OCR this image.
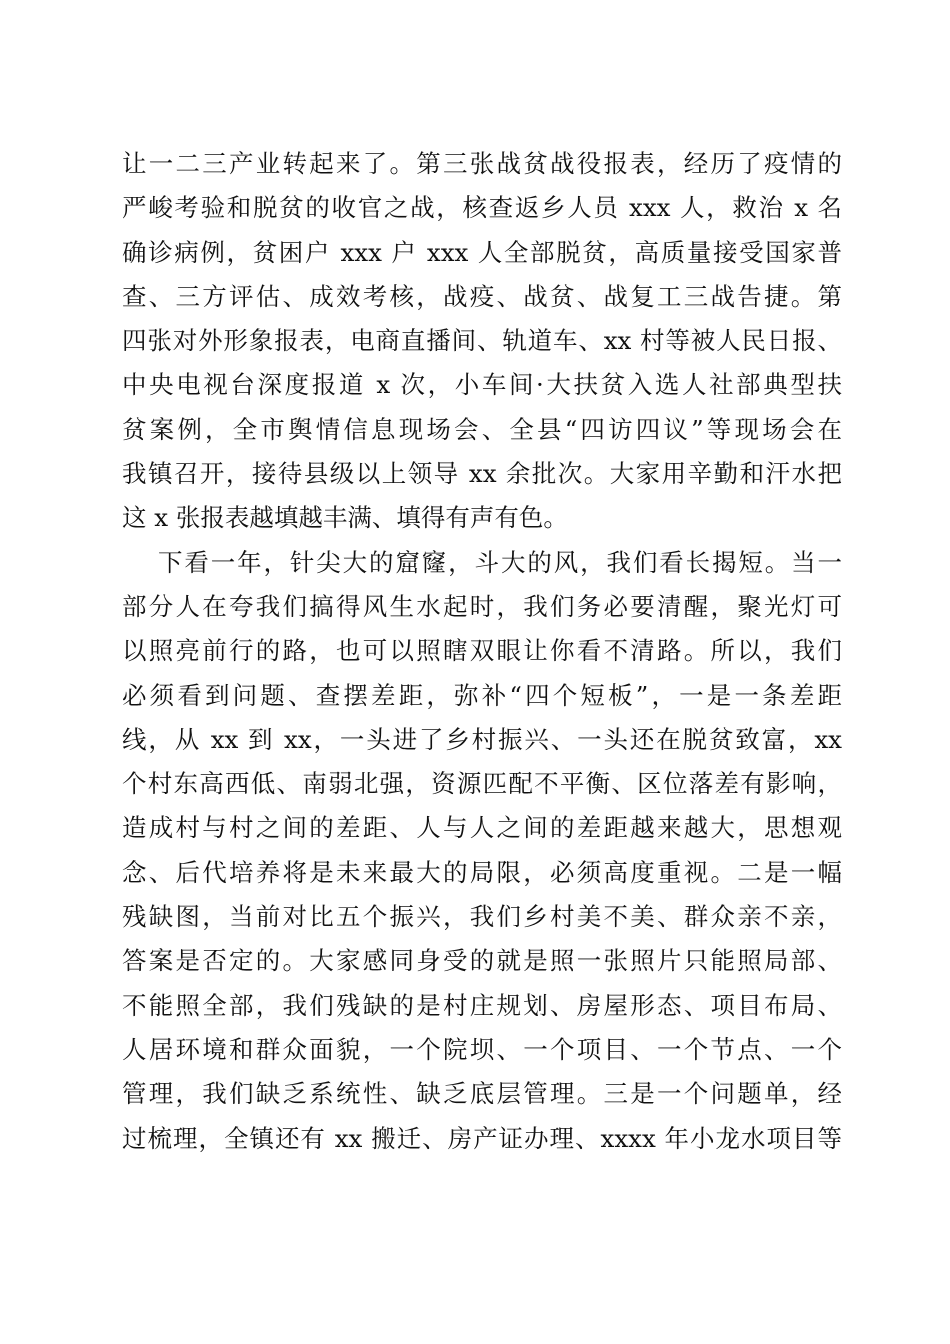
让一二三产业转起来了。第三张战贫战役报表，经历了疫情的
严峻考验和脱贫的收官之战，核查返乡人员 xxx 人，救治 x 名
确诊病例，贫困户 xxx 户 xxx 人全部脱贫，高质量接受国家普
查、三方评估、成效考核，战疫、战贫、战复工三战告捷。第
四张对外形象报表，电商直播间、轨道车、xx 村等被人民日报、
中央电视台深度报道 x 次，小车间·大扶贫入选人社部典型扶
贫案例，全市舆情信息现场会、全县“四访四议”等现场会在
我镇召开，接待县级以上领导 xx 余批次。大家用辛勤和汗水把
这 x 张报表越填越丰满、填得有声有色。
下看一年，针尖大的窟窿，斗大的风，我们看长揭短。当一
部分人在夸我们搞得风生水起时，我们务必要清醒，聚光灯可
以照亮前行的路，也可以照瞎双眼让你看不清路。所以，我们
必须看到问题、查摆差距，弥补“四个短板”，一是一条差距
线，从 xx 到 xx，一头进了乡村振兴、一头还在脱贫致富，xx
个村东高西低、南弱北强，资源匹配不平衡、区位落差有影响，
造成村与村之间的差距、人与人之间的差距越来越大，思想观
念、后代培养将是未来最大的局限，必须高度重视。二是一幅
残缺图，当前对比五个振兴，我们乡村美不美、群众亲不亲，
答案是否定的。大家感同身受的就是照一张照片只能照局部、
不能照全部，我们残缺的是村庄规划、房屋形态、项目布局、
人居环境和群众面貌，一个院坝、一个项目、一个节点、一个
管理，我们缺乏系统性、缺乏底层管理。三是一个问题单，经
过梳理，全镇还有 xx 搬迁、房产证办理、xxxx 年小龙水项目等
